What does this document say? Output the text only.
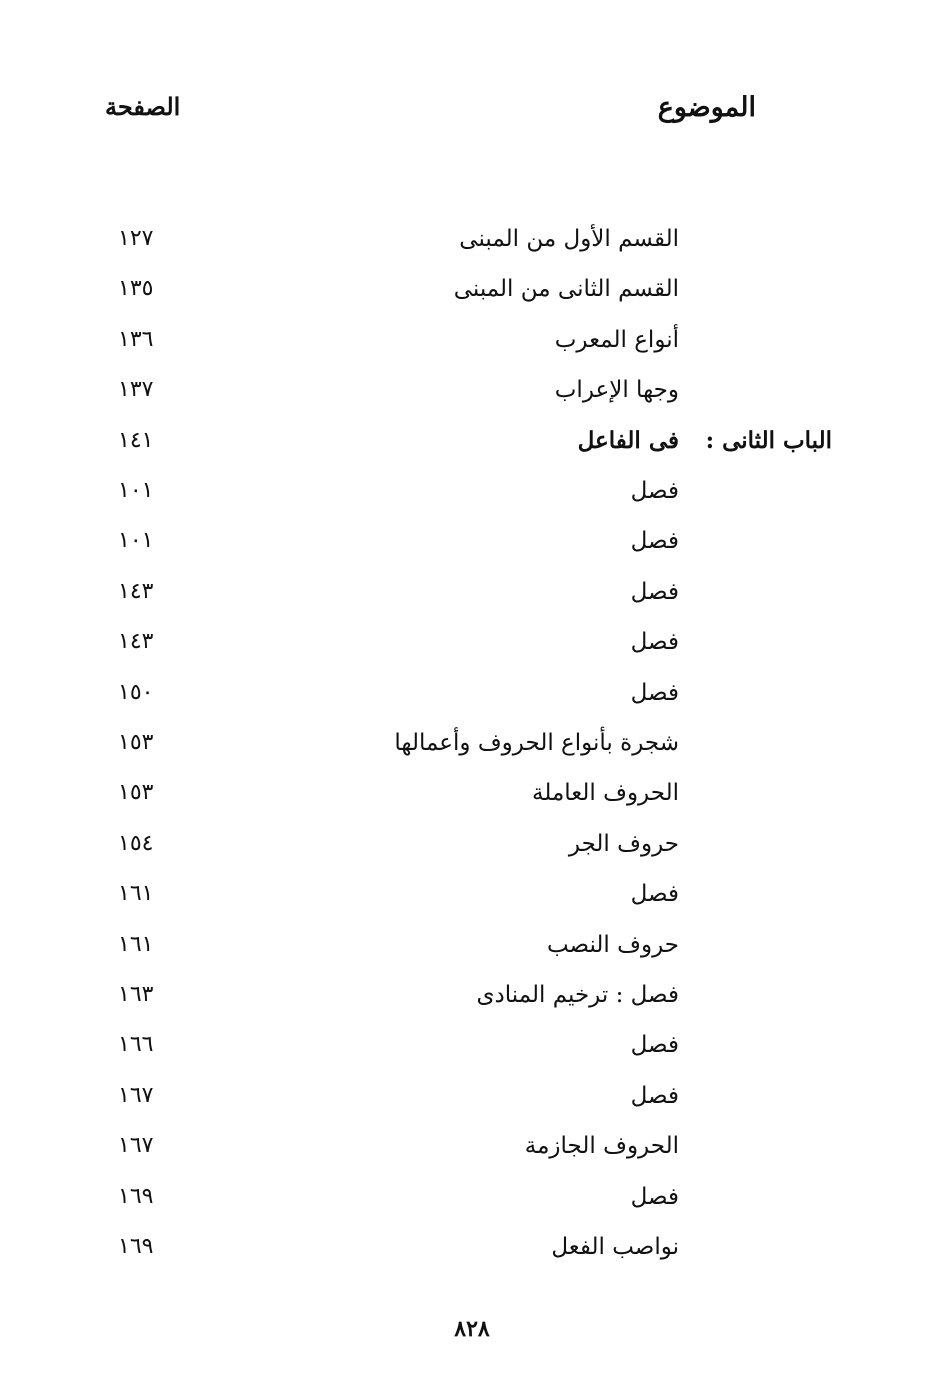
الموضوع
الصفحة
القسم الأول من المبنى
١٢٧
القسم الثانى من المبنى
١٣٥
أنواع المعرب
١٣٦
وجها الإعراب
١٣٧
الباب الثانى :
فى الفاعل
١٤١
فصل
١٠١
فصل
١٠١
فصل
١٤٣
فصل
١٤٣
فصل
١٥٠
شجرة بأنواع الحروف وأعمالها
١٥٣
الحروف العاملة
١٥٣
حروف الجر
١٥٤
فصل
١٦١
حروف النصب
١٦١
فصل : ترخيم المنادى
١٦٣
فصل
١٦٦
فصل
١٦٧
الحروف الجازمة
١٦٧
فصل
١٦٩
نواصب الفعل
١٦٩
٨٢٨
